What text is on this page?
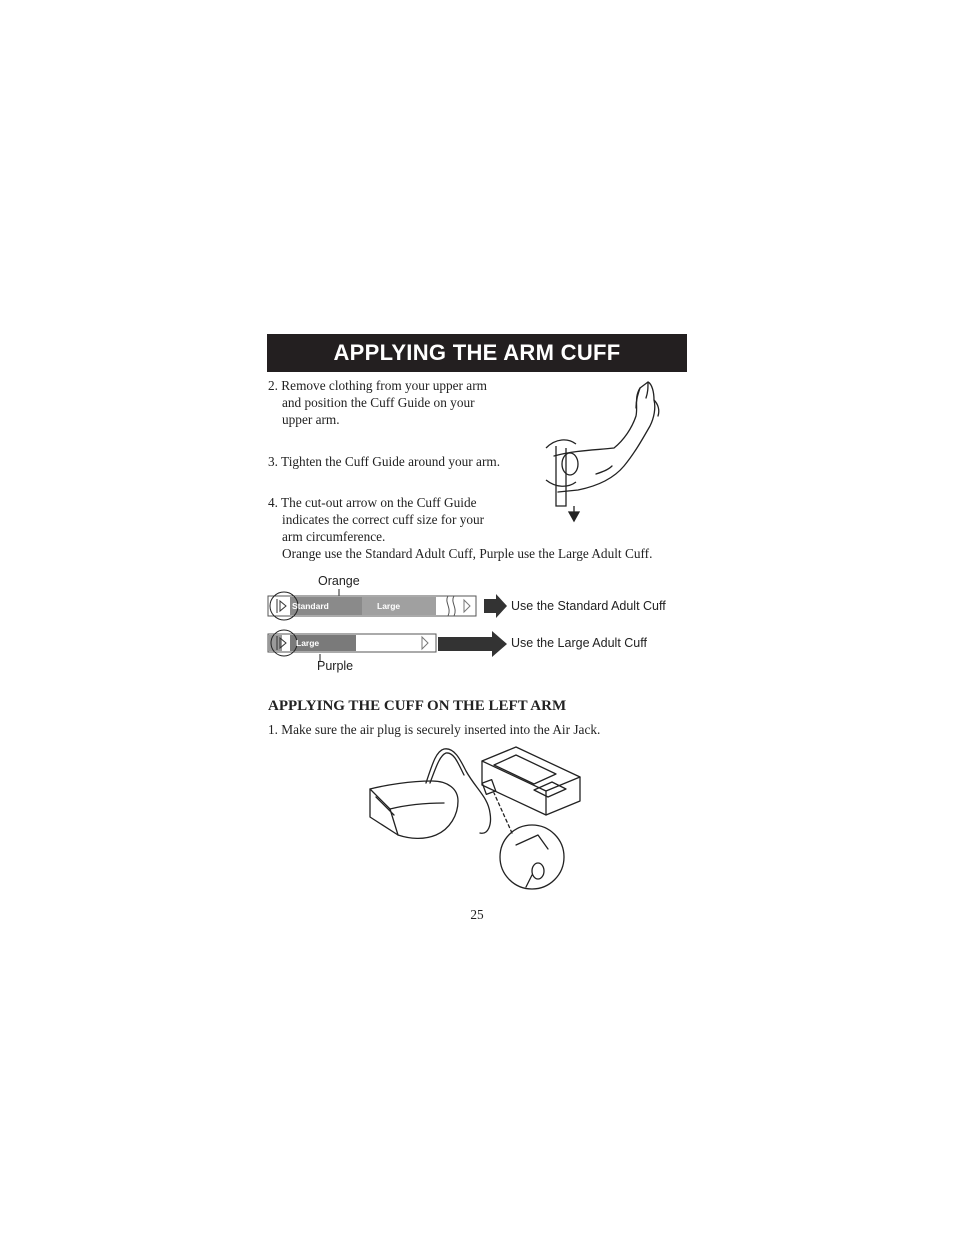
APPLYING THE ARM CUFF
2. Remove clothing from your upper arm
and position the Cuff Guide on your
upper arm.
3. Tighten the Cuff Guide around your arm.
4. The cut-out arrow on the Cuff Guide
indicates the correct cuff size for your
arm circumference.
Orange use the Standard Adult Cuff, Purple use the Large Adult Cuff.
Orange
Purple
Standard	Large
Large
Use the Standard Adult Cuff
Use the Large Adult Cuff
APPLYING THE CUFF ON THE LEFT ARM
1. Make sure the air plug is securely inserted into the Air Jack.
25
